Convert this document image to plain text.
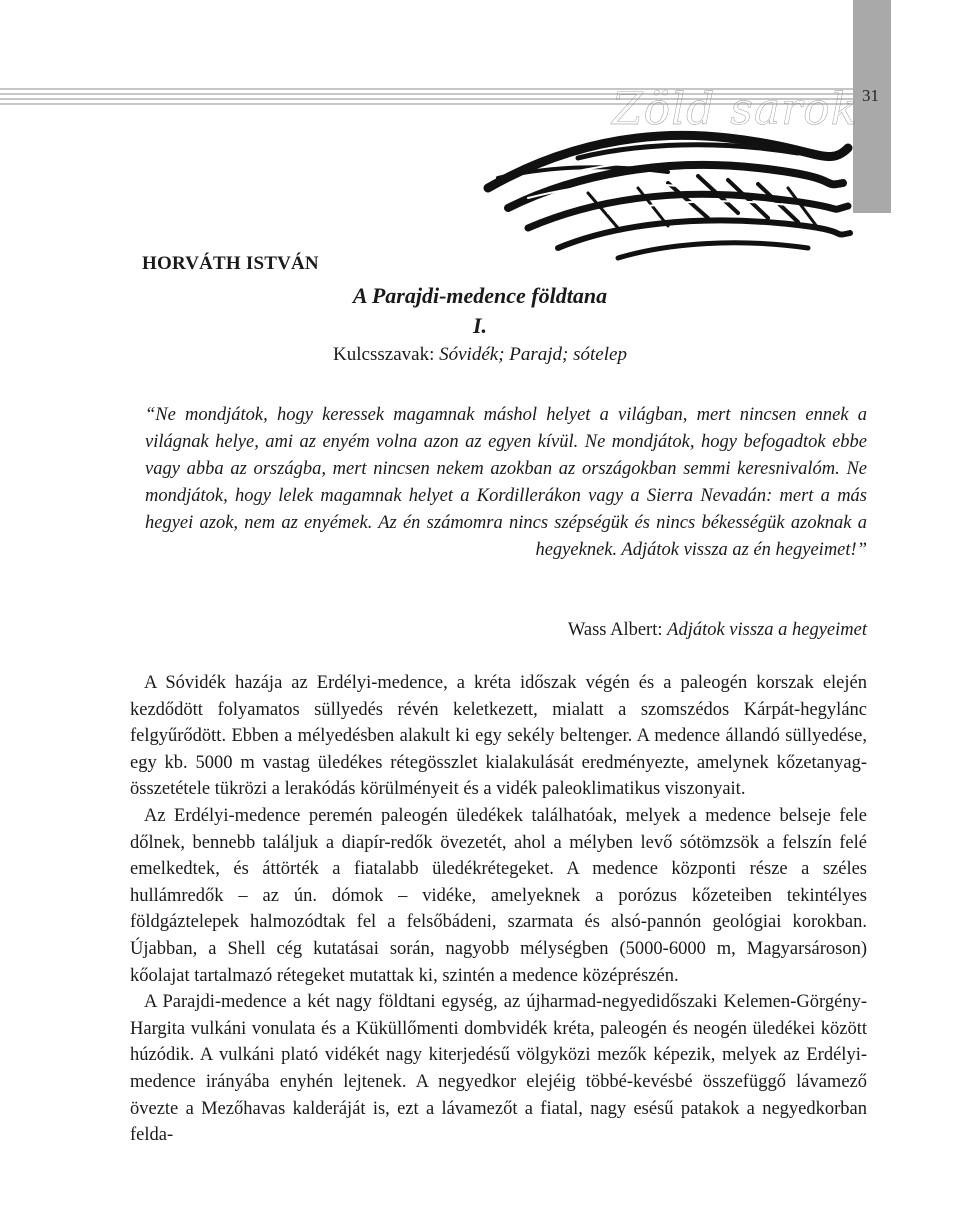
31
Zöld sarok
HORVÁTH ISTVÁN
A Parajdi-medence földtana
I.
Kulcsszavak: Sóvidék; Parajd; sótelep
“Ne mondjátok, hogy keressek magamnak máshol helyet a világban, mert nincsen ennek a világnak helye, ami az enyém volna azon az egyen kívül. Ne mondjátok, hogy befogadtok ebbe vagy abba az országba, mert nincsen nekem azokban az országokban semmi keresnivalóm. Ne mondjátok, hogy lelek magamnak helyet a Kordillerákon vagy a Sierra Nevadán: mert a más hegyei azok, nem az enyémek. Az én számomra nincs szépségük és nincs békességük azoknak a hegyeknek. Adjátok vissza az én hegyeimet!”
Wass Albert: Adjátok vissza a hegyeimet

A Sóvidék hazája az Erdélyi-medence, a kréta időszak végén és a paleogén korszak elején kezdődött folyamatos süllyedés révén keletkezett, mialatt a szomszédos Kárpát-hegylánc felgyűrődött. Ebben a mélyedésben alakult ki egy sekély beltenger. A medence állandó süllyedése, egy kb. 5000 m vastag üledékes rétegösszlet kialakulását eredményezte, amelynek kőzetanyag-összetétele tükrözi a lerakódás körülményeit és a vidék paleoklimatikus viszonyait.

Az Erdélyi-medence peremén paleogén üledékek találhatóak, melyek a medence belseje fele dőlnek, bennebb találjuk a diapír-redők övezetét, ahol a mélyben levő sótömzsök a felszín felé emelkedtek, és áttörték a fiatalabb üledékrétegeket. A medence központi része a széles hullámredők – az ún. dómok – vidéke, amelyeknek a porózus kőzeteiben tekintélyes földgáztelepek halmozódtak fel a felsőbádeni, szarmata és alsó-pannón geológiai korokban. Újabban, a Shell cég kutatásai során, nagyobb mélységben (5000-6000 m, Magyarsároson) kőolajat tartalmazó rétegeket mutattak ki, szintén a medence középrészén.

A Parajdi-medence a két nagy földtani egység, az újharmad-negyedidőszaki Kelemen-Görgény-Hargita vulkáni vonulata és a Küküllőmenti dombvidék kréta, paleogén és neogén üledékei között húzódik. A vulkáni plató vidékét nagy kiterjedésű völgyközi mezők képezik, melyek az Erdélyi-medence irányába enyhén lejtenek. A negyedkor elejéig többé-kevésbé összefüggő lávamező övezte a Mezőhavas kalderáját is, ezt a lávamezőt a fiatal, nagy esésű patakok a negyedkorban felda-
